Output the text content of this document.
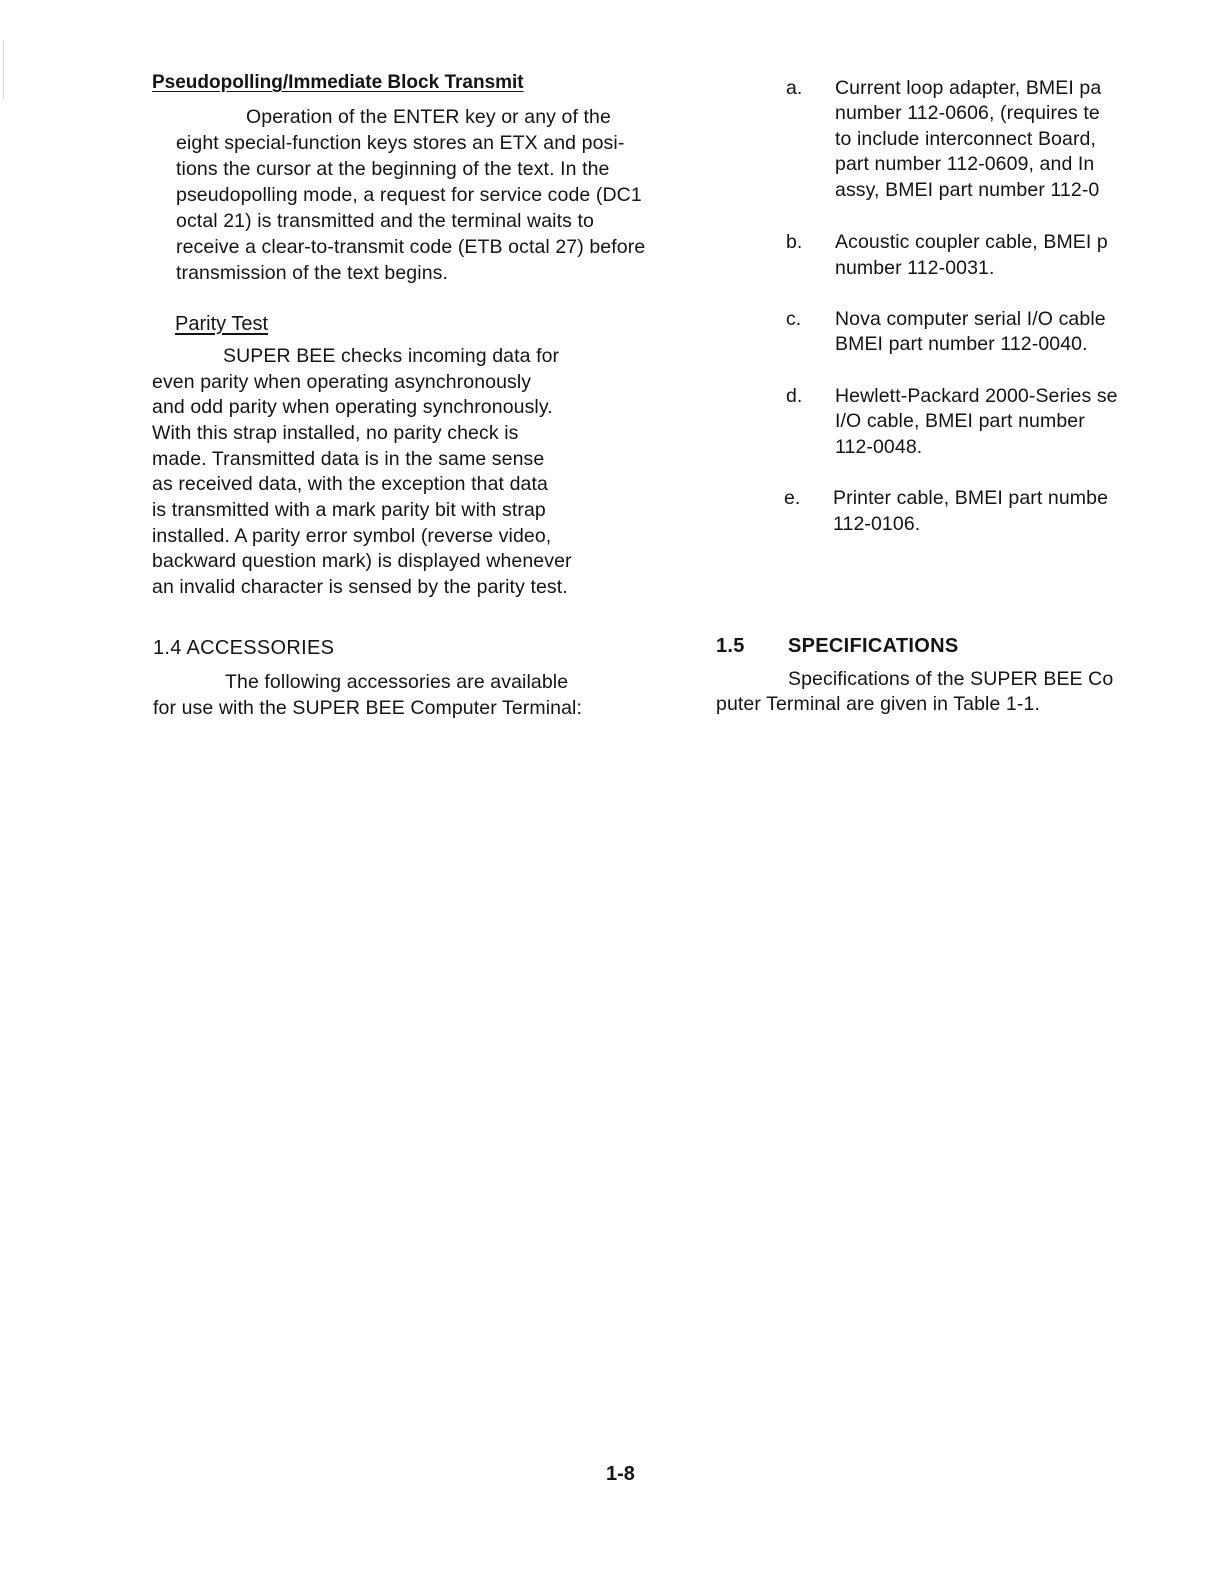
Pseudopolling/Immediate Block Transmit
Operation of the ENTER key or any of the
eight special-function keys stores an ETX and posi-
tions the cursor at the beginning of the text. In the
pseudopolling mode, a request for service code (DC1
octal 21) is transmitted and the terminal waits to
receive a clear-to-transmit code (ETB octal 27) before
transmission of the text begins.
Parity Test
SUPER BEE checks incoming data for
even parity when operating asynchronously
and odd parity when operating synchronously.
With this strap installed, no parity check is
made. Transmitted data is in the same sense
as received data, with the exception that data
is transmitted with a mark parity bit with strap
installed. A parity error symbol (reverse video,
backward question mark) is displayed whenever
an invalid character is sensed by the parity test.
1.4 ACCESSORIES
The following accessories are available
for use with the SUPER BEE Computer Terminal:
a. Current loop adapter, BMEI pa
number 112-0606, (requires te
to include interconnect Board,
part number 112-0609, and In
assy, BMEI part number 112-0
b. Acoustic coupler cable, BMEI p
number 112-0031.
c. Nova computer serial I/O cable
BMEI part number 112-0040.
d. Hewlett-Packard 2000-Series se
I/O cable, BMEI part number
112-0048.
e. Printer cable, BMEI part numbe
112-0106.
1.5 SPECIFICATIONS
Specifications of the SUPER BEE Co
puter Terminal are given in Table 1-1.
1-8
